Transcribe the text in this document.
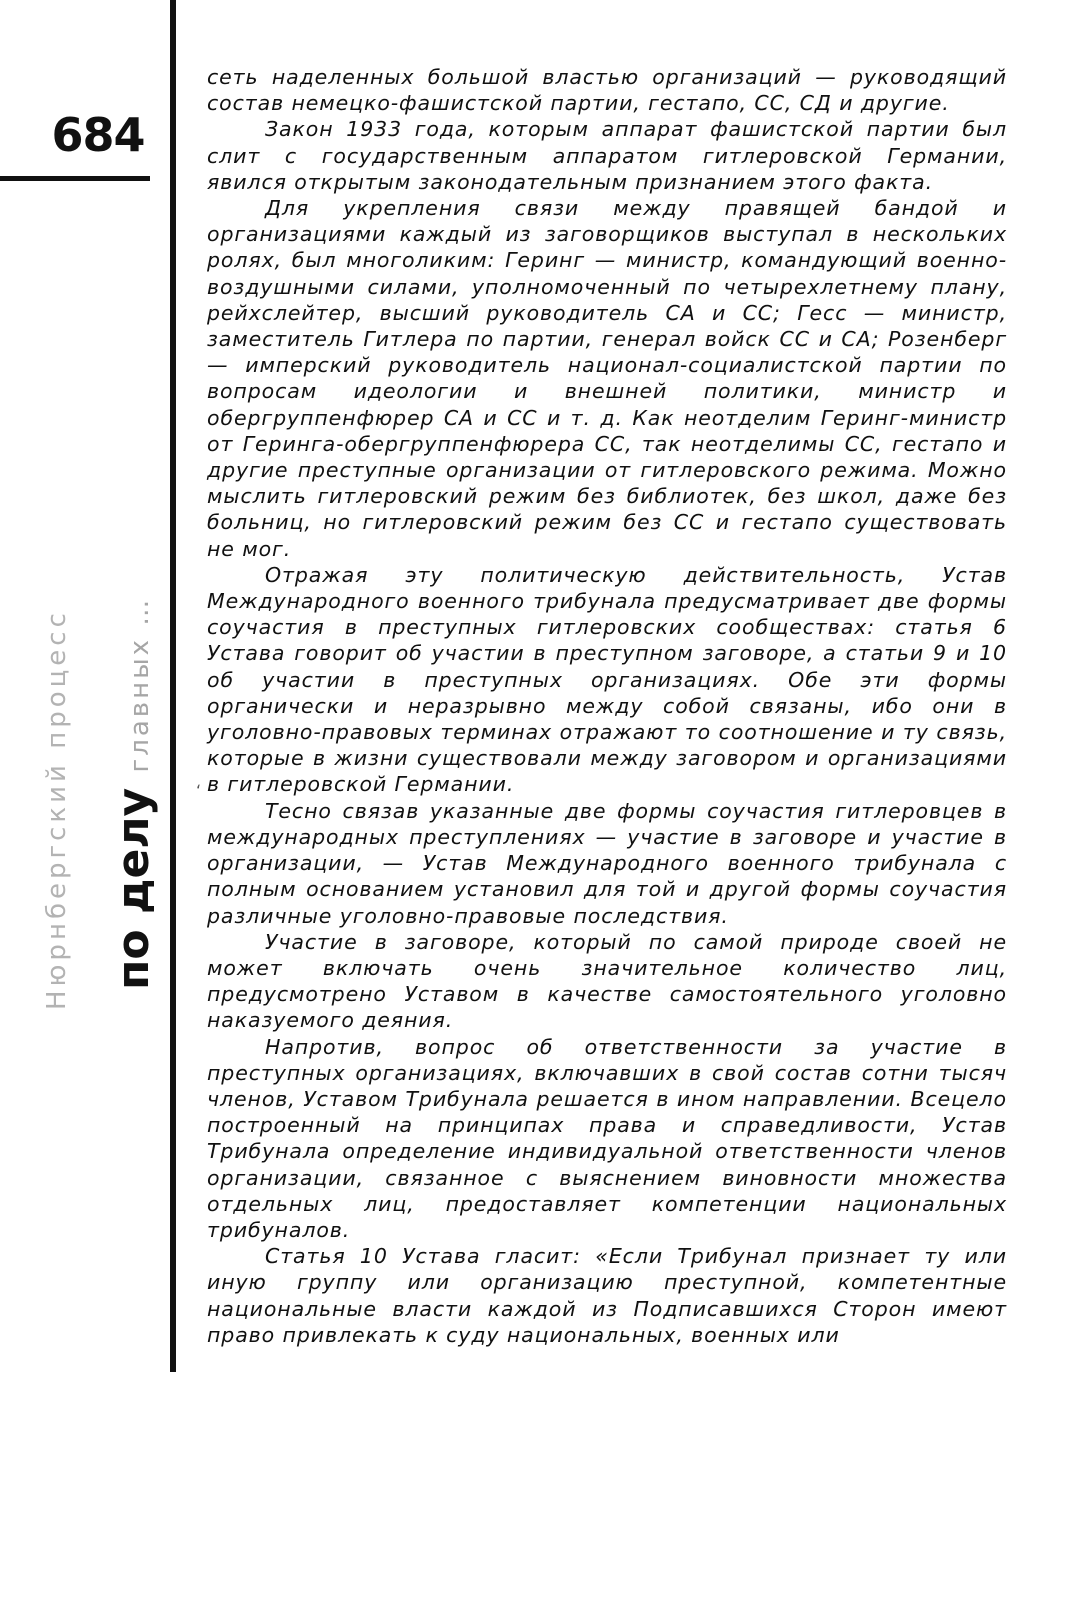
684
Нюрнбергский процесс по делу главных …
‘

сеть наделенных большой властью организаций — руководящий состав немецко-фашистской партии, гестапо, СС, СД и другие.

Закон 1933 года, которым аппарат фашистской партии был слит с государственным аппаратом гитлеровской Германии, явился открытым законодательным признанием этого факта.

Для укрепления связи между правящей бандой и организациями каждый из заговорщиков выступал в нескольких ролях, был многоликим: Геринг — министр, командующий военно-воздушными силами, уполномоченный по четырехлетнему плану, рейхслейтер, высший руководитель СА и СС; Гесс — министр, заместитель Гитлера по партии, генерал войск СС и СА; Розенберг — имперский руководитель национал-социалистской партии по вопросам идеологии и внешней политики, министр и обергруппенфюрер СА и СС и т. д. Как неотделим Геринг-министр от Геринга-обергруппенфюрера СС, так неотделимы СС, гестапо и другие преступные организации от гитлеровского режима. Можно мыслить гитлеровский режим без библиотек, без школ, даже без больниц, но гитлеровский режим без СС и гестапо существовать не мог.

Отражая эту политическую действительность, Устав Международного военного трибунала предусматривает две формы соучастия в преступных гитлеровских сообществах: статья 6 Устава говорит об участии в преступном заговоре, а статьи 9 и 10 об участии в преступных организациях. Обе эти формы органически и неразрывно между собой связаны, ибо они в уголовно-правовых терминах отражают то соотношение и ту связь, которые в жизни существовали между заговором и организациями в гитлеровской Германии.

Тесно связав указанные две формы соучастия гитлеровцев в международных преступлениях — участие в заговоре и участие в организации, — Устав Международного военного трибунала с полным основанием установил для той и другой формы соучастия различные уголовно-правовые последствия.

Участие в заговоре, который по самой природе своей не может включать очень значительное количество лиц, предусмотрено Уставом в качестве самостоятельного уголовно наказуемого деяния.

Напротив, вопрос об ответственности за участие в преступных организациях, включавших в свой состав сотни тысяч членов, Уставом Трибунала решается в ином направлении. Всецело построенный на принципах права и справедливости, Устав Трибунала определение индивидуальной ответственности членов организации, связанное с выяснением виновности множества отдельных лиц, предоставляет компетенции национальных трибуналов.

Статья 10 Устава гласит: «Если Трибунал признает ту или иную группу или организацию преступной, компетентные национальные власти каждой из Подписавшихся Сторон имеют право привлекать к суду национальных, военных или
